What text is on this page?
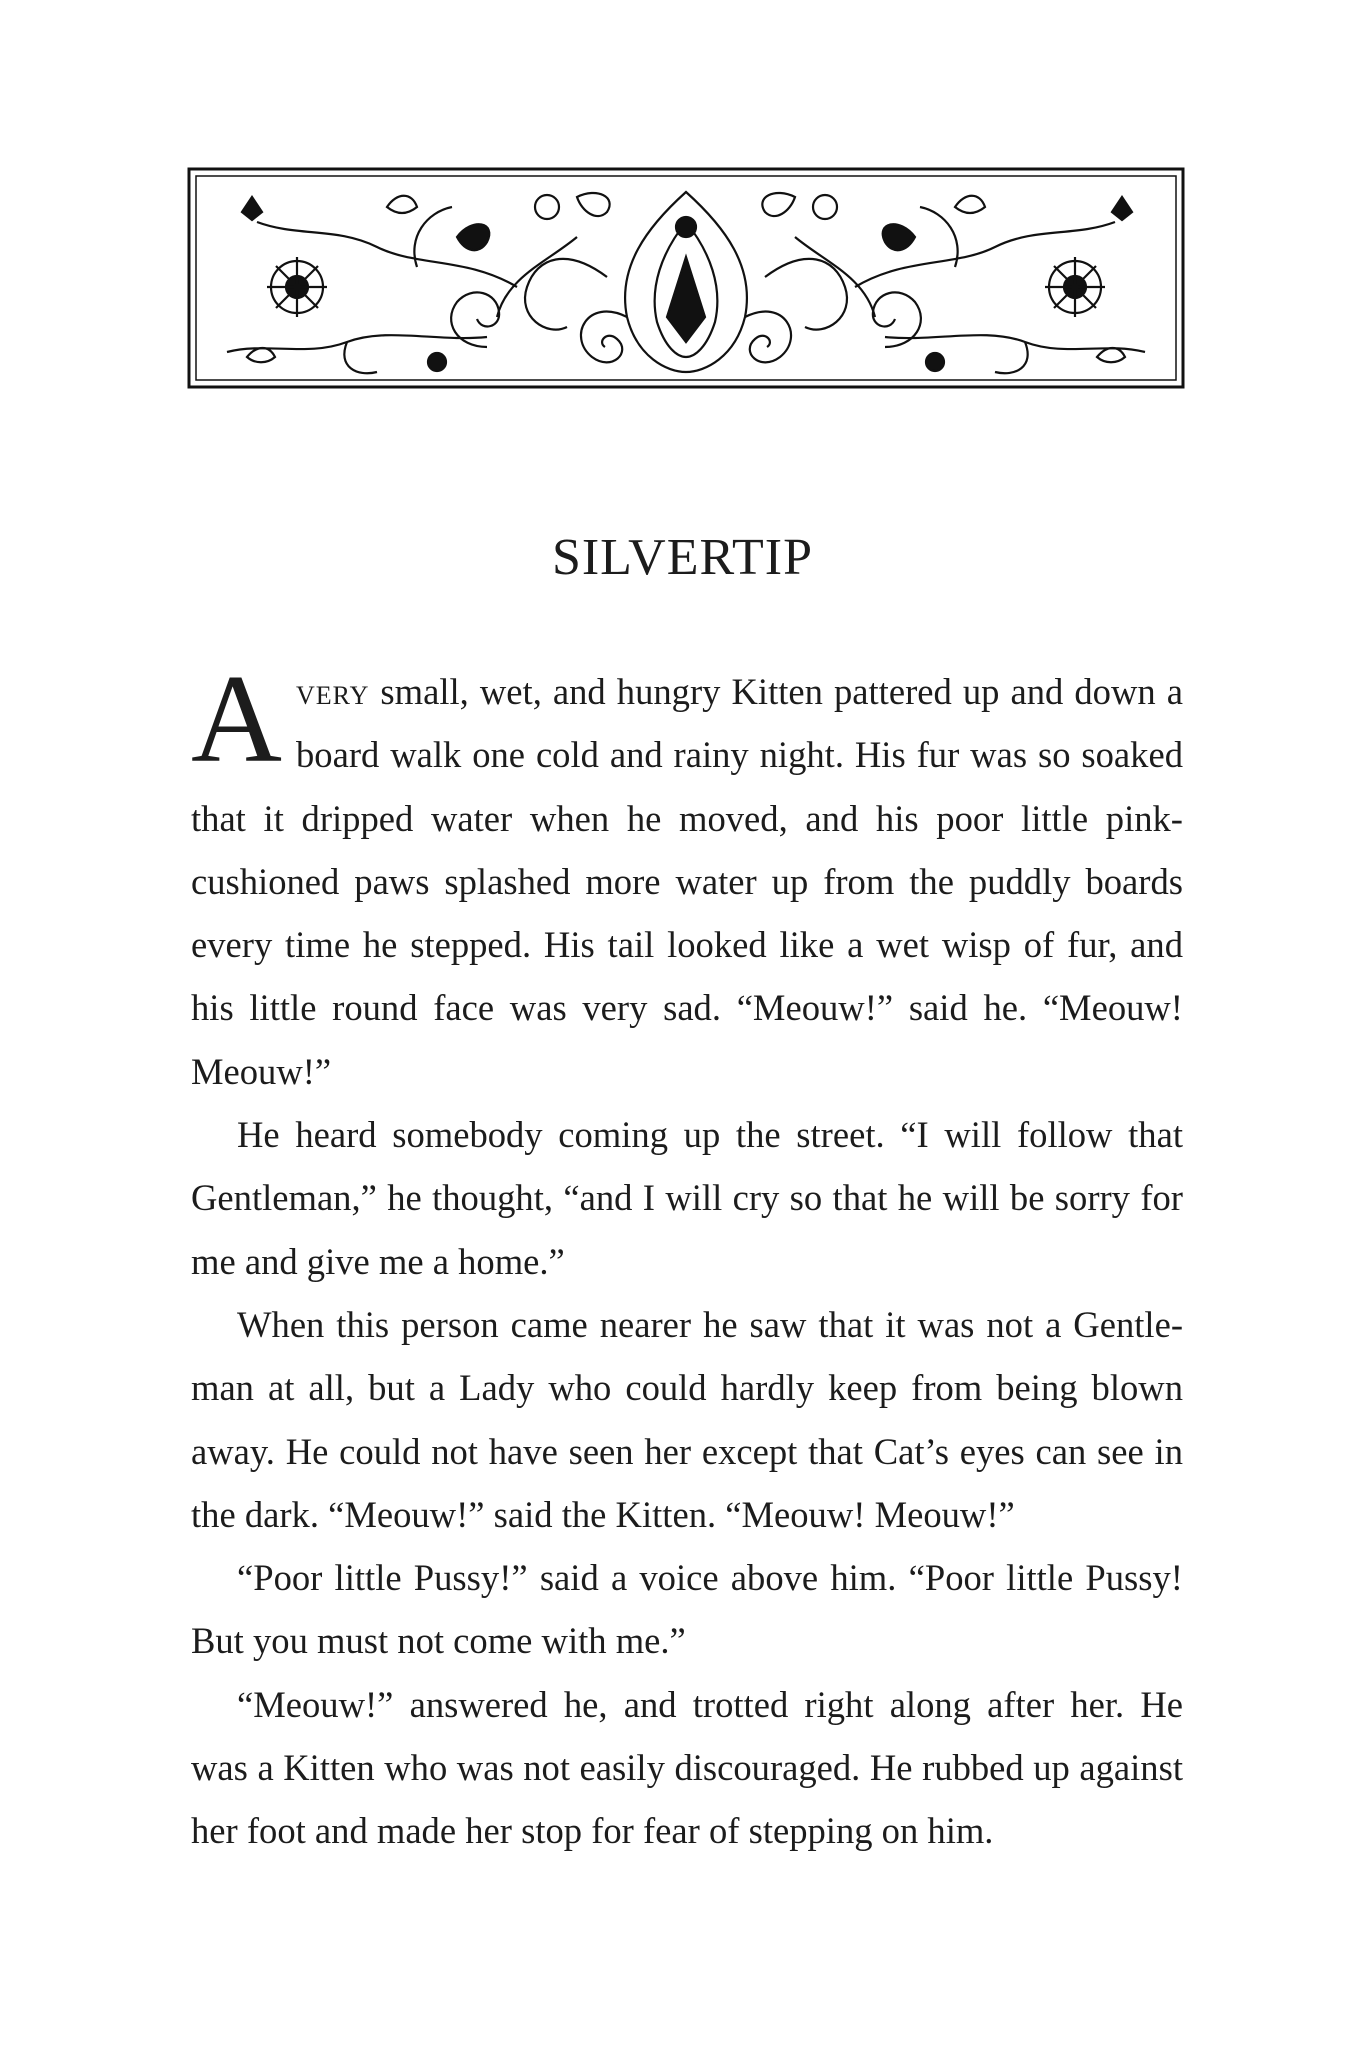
SILVERTIP

Avery small, wet, and hungry Kitten pattered up and down a board walk one cold and rainy night. His fur was so soaked that it dripped water when he moved, and his poor little pink-cushioned paws splashed more water up from the puddly boards every time he stepped. His tail looked like a wet wisp of fur, and his little round face was very sad. “Meouw!” said he. “Meouw! Meouw!”

He heard somebody coming up the street. “I will follow that Gentleman,” he thought, “and I will cry so that he will be sorry for me and give me a home.”

When this person came nearer he saw that it was not a Gentleman at all, but a Lady who could hardly keep from being blown away. He could not have seen her except that Cat’s eyes can see in the dark. “Meouw!” said the Kitten. “Meouw! Meouw!”

“Poor little Pussy!” said a voice above him. “Poor little Pussy! But you must not come with me.”

“Meouw!” answered he, and trotted right along after her. He was a Kitten who was not easily discouraged. He rubbed up against her foot and made her stop for fear of stepping on him.
